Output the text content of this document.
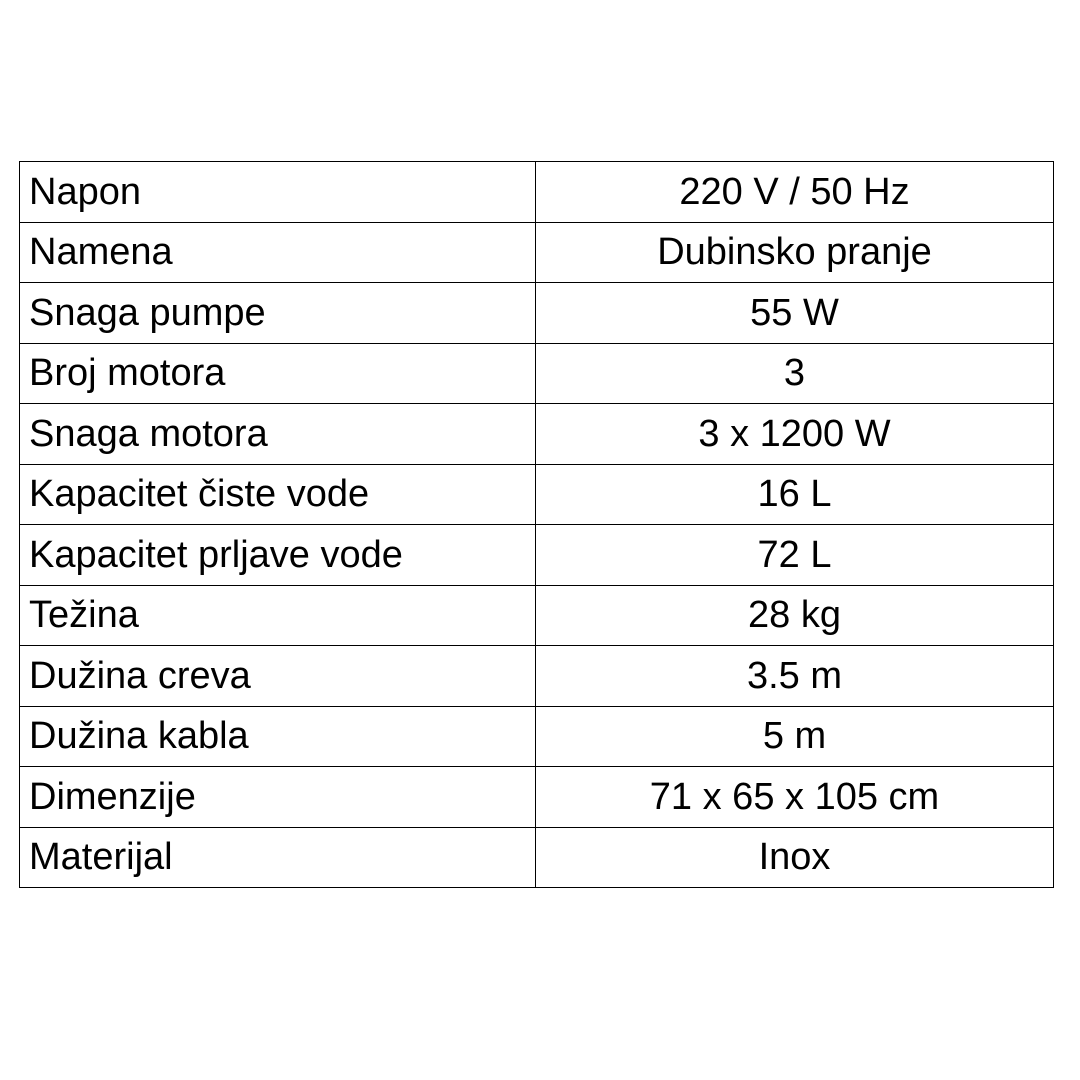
Napon	220 V / 50 Hz
Namena	Dubinsko pranje
Snaga pumpe	55 W
Broj motora	3
Snaga motora	3 x 1200 W
Kapacitet čiste vode	16 L
Kapacitet prljave vode	72 L
Težina	28 kg
Dužina creva	3.5 m
Dužina kabla	5 m
Dimenzije	71 x 65 x 105 cm
Materijal	Inox
